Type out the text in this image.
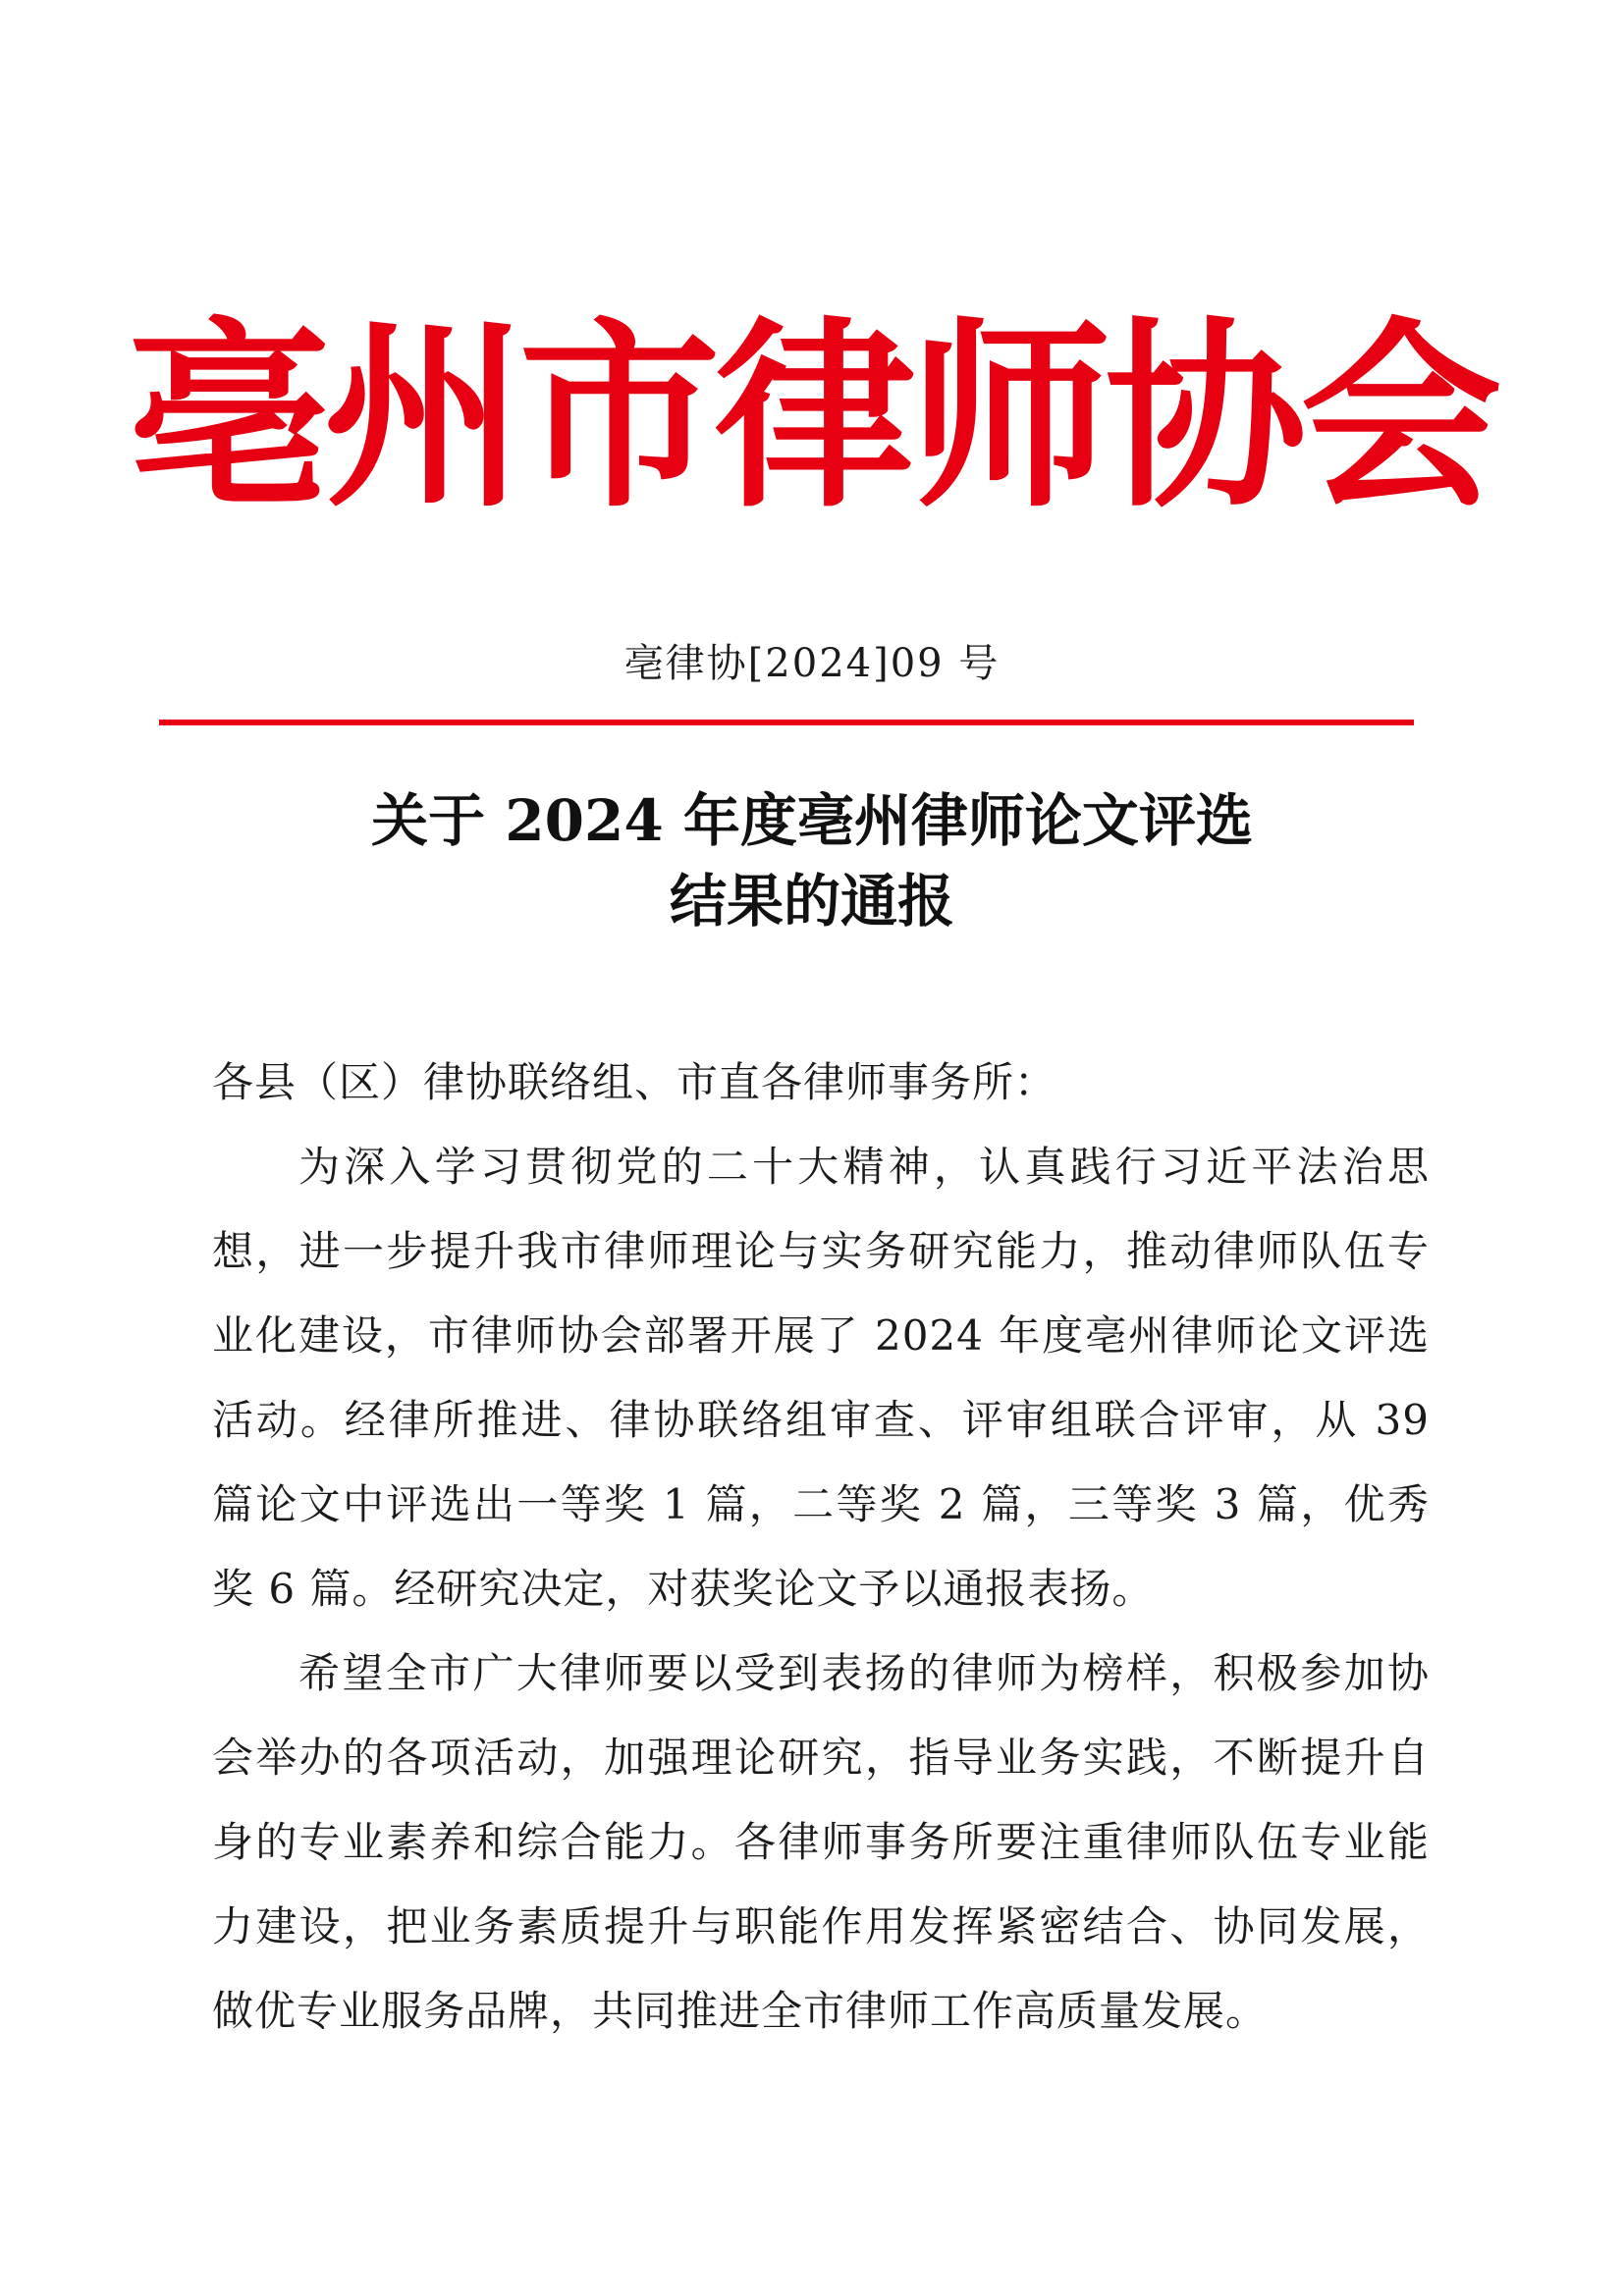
亳州市律师协会
亳律协[2024]09 号
关于 2024 年度亳州律师论文评选
结果的通报

各县（区）律协联络组、市直各律师事务所：

为深入学习贯彻党的二十大精神，认真践行习近平法治思想，进一步提升我市律师理论与实务研究能力，推动律师队伍专业化建设，市律师协会部署开展了 2024 年度亳州律师论文评选活动。经律所推进、律协联络组审查、评审组联合评审，从 39 篇论文中评选出一等奖 1 篇，二等奖 2 篇，三等奖 3 篇，优秀奖 6 篇。经研究决定，对获奖论文予以通报表扬。

希望全市广大律师要以受到表扬的律师为榜样，积极参加协会举办的各项活动，加强理论研究，指导业务实践，不断提升自身的专业素养和综合能力。各律师事务所要注重律师队伍专业能力建设，把业务素质提升与职能作用发挥紧密结合、协同发展，做优专业服务品牌，共同推进全市律师工作高质量发展。
